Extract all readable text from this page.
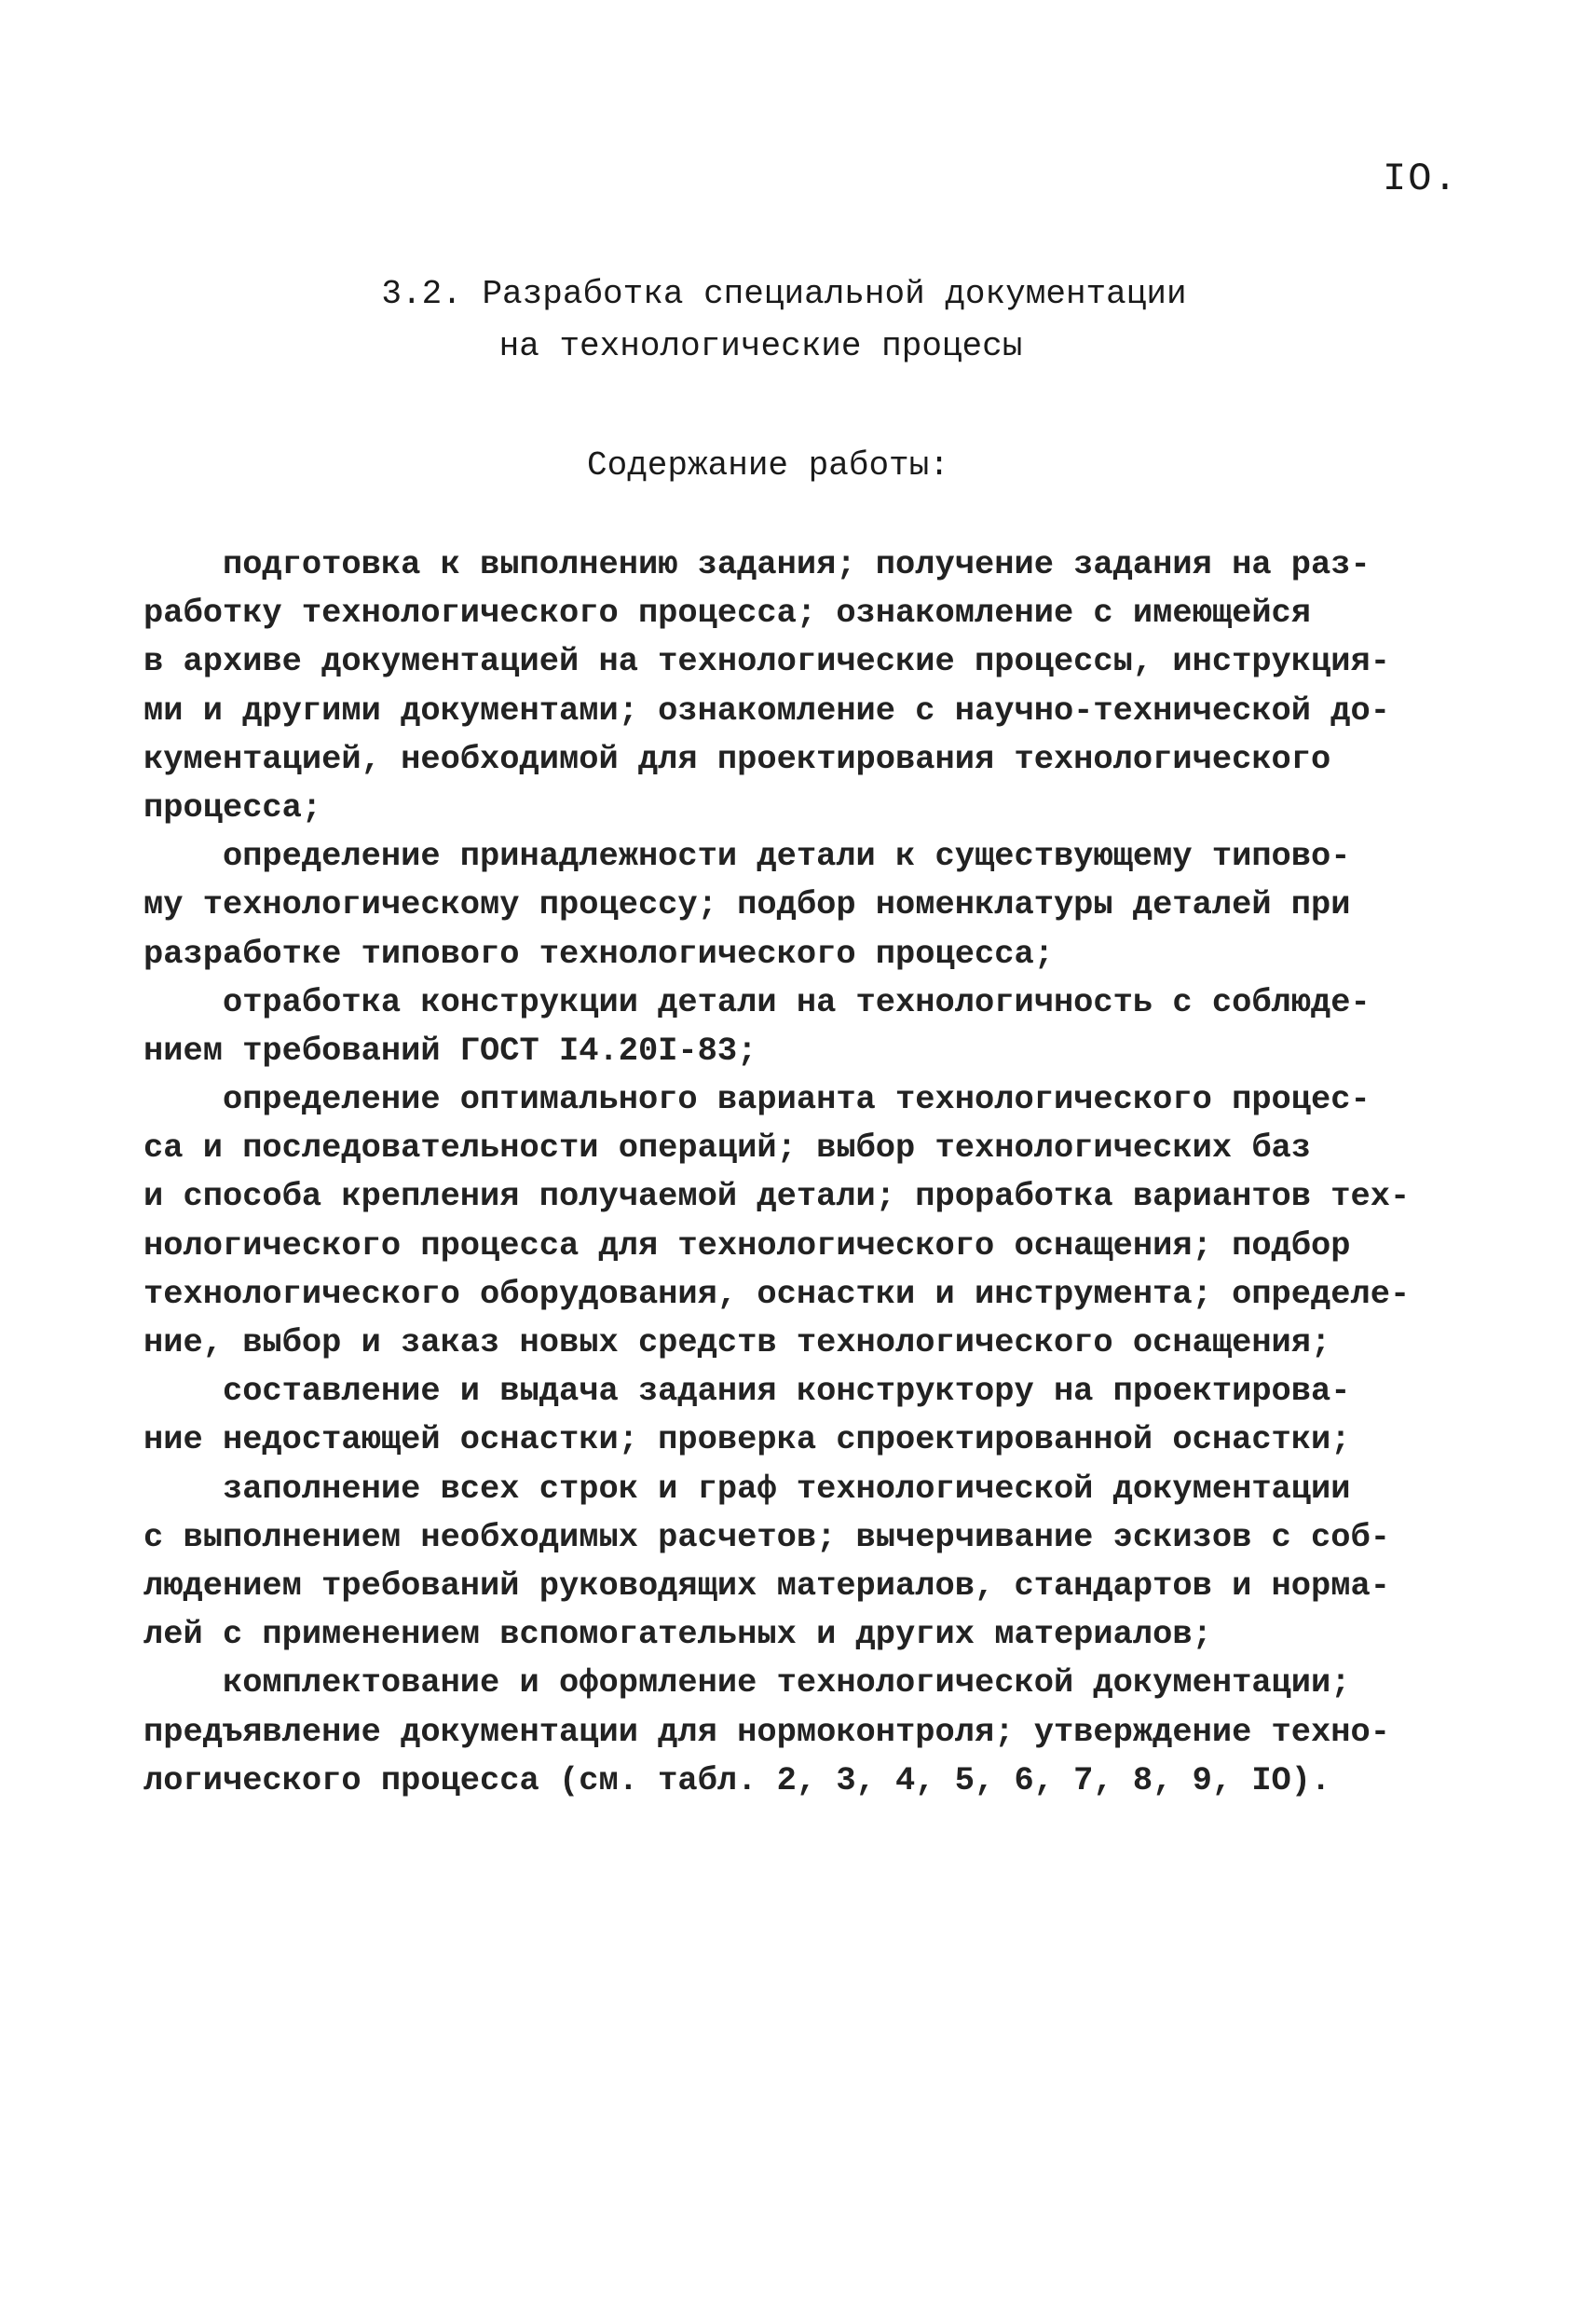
IO.
3.2. Разработка специальной документации
на технологические процесы
Содержание работы:
подготовка к выполнению задания; получение задания на раз-
работку технологического процесса; ознакомление с имеющейся
в архиве документацией на технологические процессы, инструкция-
ми и другими документами; ознакомление с научно-технической до-
кументацией, необходимой для проектирования технологического
процесса;
определение принадлежности детали к существующему типово-
му технологическому процессу; подбор номенклатуры деталей при
разработке типового технологического процесса;
отработка конструкции детали на технологичность с соблюде-
нием требований ГОСТ I4.20I-83;
определение оптимального варианта технологического процес-
са и последовательности операций; выбор технологических баз
и способа крепления получаемой детали; проработка вариантов тех-
нологического процесса для технологического оснащения; подбор
технологического оборудования, оснастки и инструмента; определе-
ние, выбор и заказ новых средств технологического оснащения;
составление и выдача задания конструктору на проектирова-
ние недостающей оснастки; проверка спроектированной оснастки;
заполнение всех строк и граф технологической документации
с выполнением необходимых расчетов; вычерчивание эскизов с соб-
людением требований руководящих материалов, стандартов и норма-
лей с применением вспомогательных и других материалов;
комплектование и оформление технологической документации;
предъявление документации для нормоконтроля; утверждение техно-
логического процесса (см. табл. 2, 3, 4, 5, 6, 7, 8, 9, IO).
